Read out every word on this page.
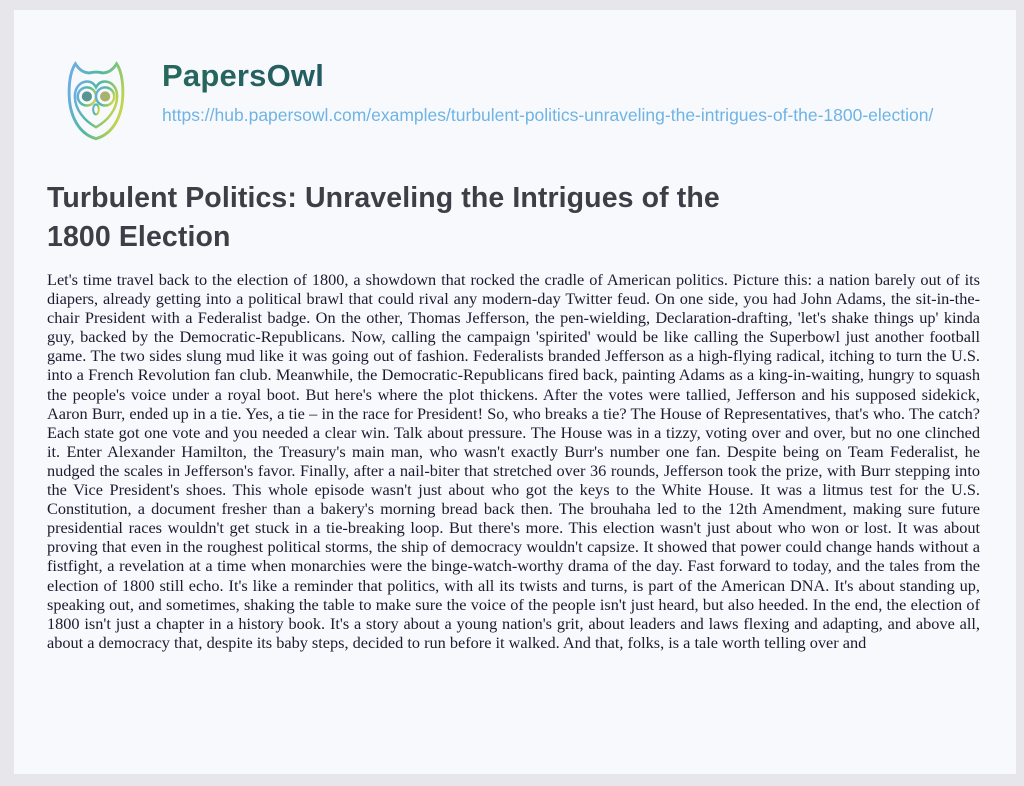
PapersOwl
https://hub.papersowl.com/examples/turbulent-politics-unraveling-the-intrigues-of-the-1800-election/
Turbulent Politics: Unraveling the Intrigues of the 1800 Election

Let's time travel back to the election of 1800, a showdown that rocked the cradle of American politics. Picture this: a nation barely out of its diapers, already getting into a political brawl that could rival any modern-day Twitter feud. On one side, you had John Adams, the sit-in-the-chair President with a Federalist badge. On the other, Thomas Jefferson, the pen-wielding, Declaration-drafting, 'let's shake things up' kinda guy, backed by the Democratic-Republicans. Now, calling the campaign 'spirited' would be like calling the Superbowl just another football game. The two sides slung mud like it was going out of fashion. Federalists branded Jefferson as a high-flying radical, itching to turn the U.S. into a French Revolution fan club. Meanwhile, the Democratic-Republicans fired back, painting Adams as a king-in-waiting, hungry to squash the people's voice under a royal boot. But here's where the plot thickens. After the votes were tallied, Jefferson and his supposed sidekick, Aaron Burr, ended up in a tie. Yes, a tie – in the race for President! So, who breaks a tie? The House of Representatives, that's who. The catch? Each state got one vote and you needed a clear win. Talk about pressure. The House was in a tizzy, voting over and over, but no one clinched it. Enter Alexander Hamilton, the Treasury's main man, who wasn't exactly Burr's number one fan. Despite being on Team Federalist, he nudged the scales in Jefferson's favor. Finally, after a nail-biter that stretched over 36 rounds, Jefferson took the prize, with Burr stepping into the Vice President's shoes. This whole episode wasn't just about who got the keys to the White House. It was a litmus test for the U.S. Constitution, a document fresher than a bakery's morning bread back then. The brouhaha led to the 12th Amendment, making sure future presidential races wouldn't get stuck in a tie-breaking loop. But there's more. This election wasn't just about who won or lost. It was about proving that even in the roughest political storms, the ship of democracy wouldn't capsize. It showed that power could change hands without a fistfight, a revelation at a time when monarchies were the binge-watch-worthy drama of the day. Fast forward to today, and the tales from the election of 1800 still echo. It's like a reminder that politics, with all its twists and turns, is part of the American DNA. It's about standing up, speaking out, and sometimes, shaking the table to make sure the voice of the people isn't just heard, but also heeded. In the end, the election of 1800 isn't just a chapter in a history book. It's a story about a young nation's grit, about leaders and laws flexing and adapting, and above all, about a democracy that, despite its baby steps, decided to run before it walked. And that, folks, is a tale worth telling over and
